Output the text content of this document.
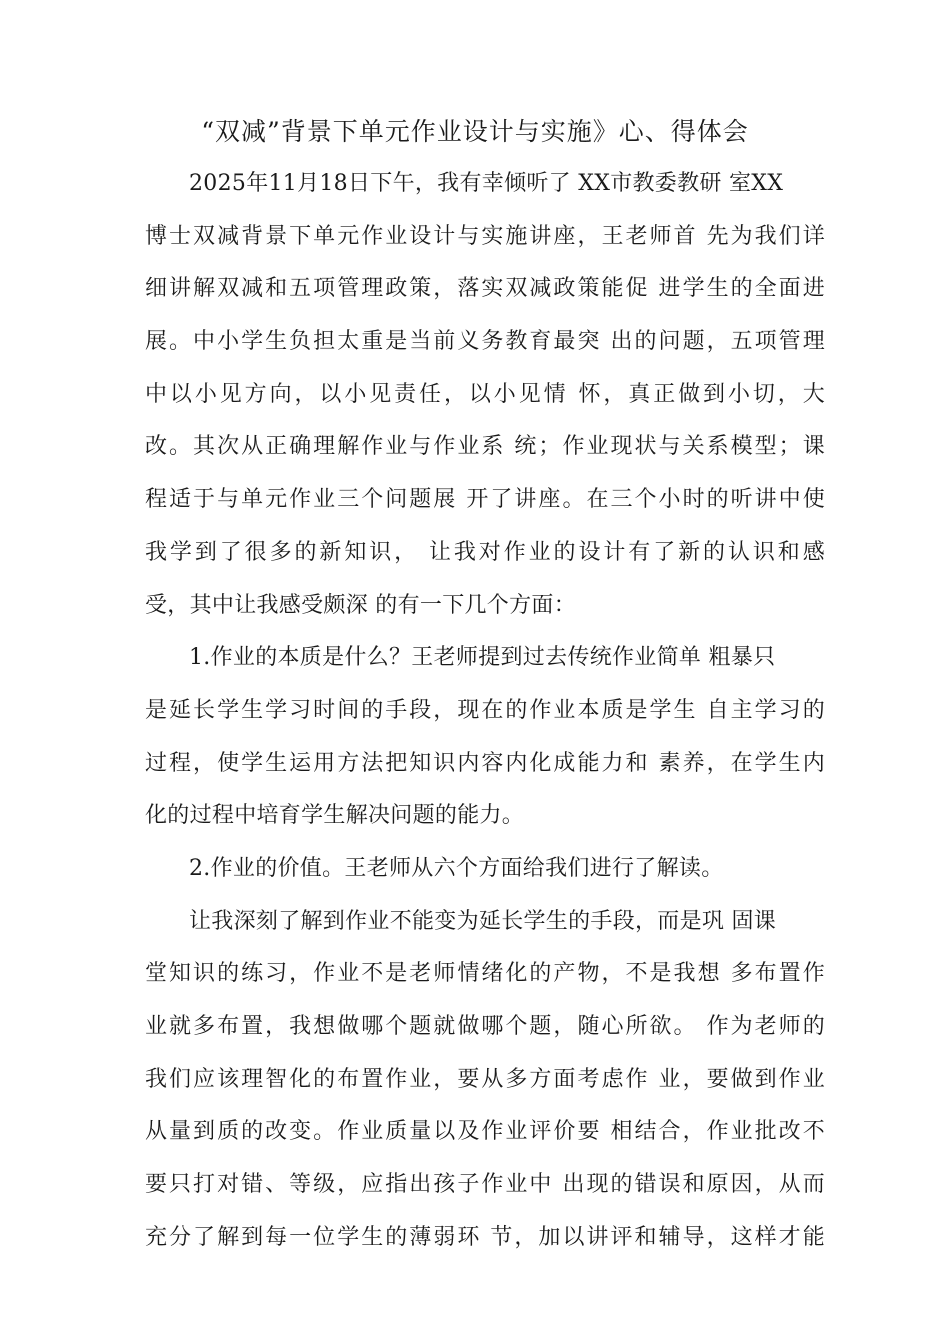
“双减”背景下单元作业设计与实施》心、得体会
2025年11月18日下午，我有幸倾听了 XX市教委教研 室XX
博士双减背景下单元作业设计与实施讲座，王老师首 先为我们详
细讲解双减和五项管理政策，落实双减政策能促 进学生的全面进
展。中小学生负担太重是当前义务教育最突 出的问题，五项管理
中以小见方向，以小见责任，以小见情 怀，真正做到小切，大
改。其次从正确理解作业与作业系 统；作业现状与关系模型；课
程适于与单元作业三个问题展 开了讲座。在三个小时的听讲中使
我学到了很多的新知识， 让我对作业的设计有了新的认识和感
受，其中让我感受颇深 的有一下几个方面：
1.作业的本质是什么？王老师提到过去传统作业简单 粗暴只
是延长学生学习时间的手段，现在的作业本质是学生 自主学习的
过程，使学生运用方法把知识内容内化成能力和 素养，在学生内
化的过程中培育学生解决问题的能力。
2.作业的价值。王老师从六个方面给我们进行了解读。
让我深刻了解到作业不能变为延长学生的手段，而是巩 固课
堂知识的练习，作业不是老师情绪化的产物，不是我想 多布置作
业就多布置，我想做哪个题就做哪个题，随心所欲。 作为老师的
我们应该理智化的布置作业，要从多方面考虑作 业，要做到作业
从量到质的改变。作业质量以及作业评价要 相结合，作业批改不
要只打对错、等级，应指出孩子作业中 出现的错误和原因，从而
充分了解到每一位学生的薄弱环 节，加以讲评和辅导，这样才能
